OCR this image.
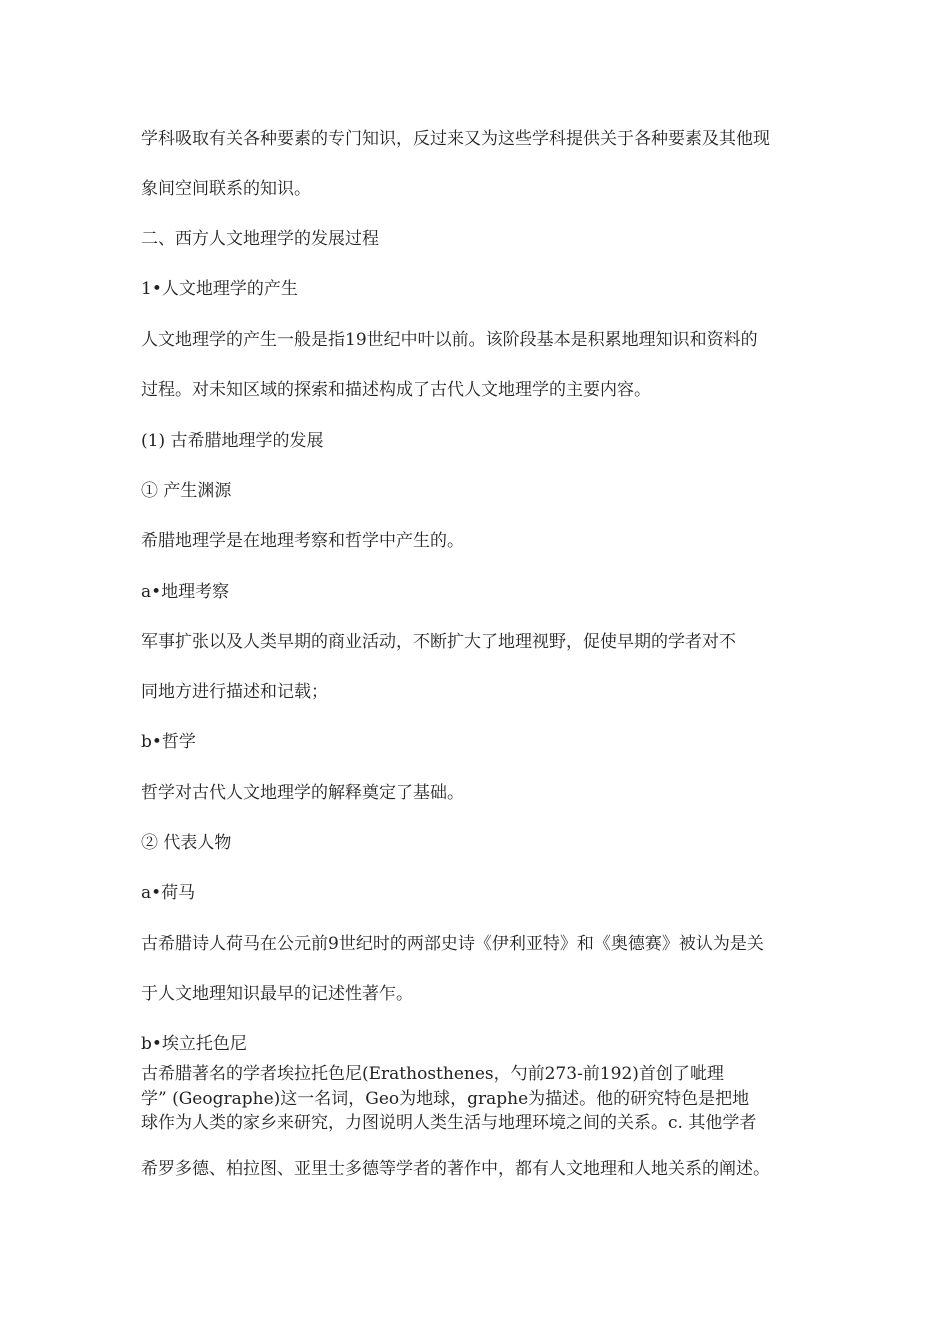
学科吸取有关各种要素的专门知识，反过来又为这些学科提供关于各种要素及其他现
象间空间联系的知识。
二、西方人文地理学的发展过程
1•人文地理学的产生
人文地理学的产生一般是指19世纪中叶以前。该阶段基本是积累地理知识和资料的
过程。对未知区域的探索和描述构成了古代人文地理学的主要内容。
(1) 古希腊地理学的发展
① 产生渊源
希腊地理学是在地理考察和哲学中产生的。
a•地理考察
军事扩张以及人类早期的商业活动，不断扩大了地理视野，促使早期的学者对不
同地方进行描述和记载；
b•哲学
哲学对古代人文地理学的解释奠定了基础。
② 代表人物
a•荷马
古希腊诗人荷马在公元前9世纪时的两部史诗《伊利亚特》和《奥德赛》被认为是关
于人文地理知识最早的记述性著乍。
b•埃立托色尼
古希腊著名的学者埃拉托色尼(Erathosthenes，勺前273-前192)首创了呲理
学” (Geographe)这一名词，Geo为地球，graphe为描述。他的研究特色是把地
球作为人类的家乡来研究，力图说明人类生活与地理环境之间的关系。c. 其他学者
希罗多德、柏拉图、亚里士多德等学者的著作中，都有人文地理和人地关系的阐述。
